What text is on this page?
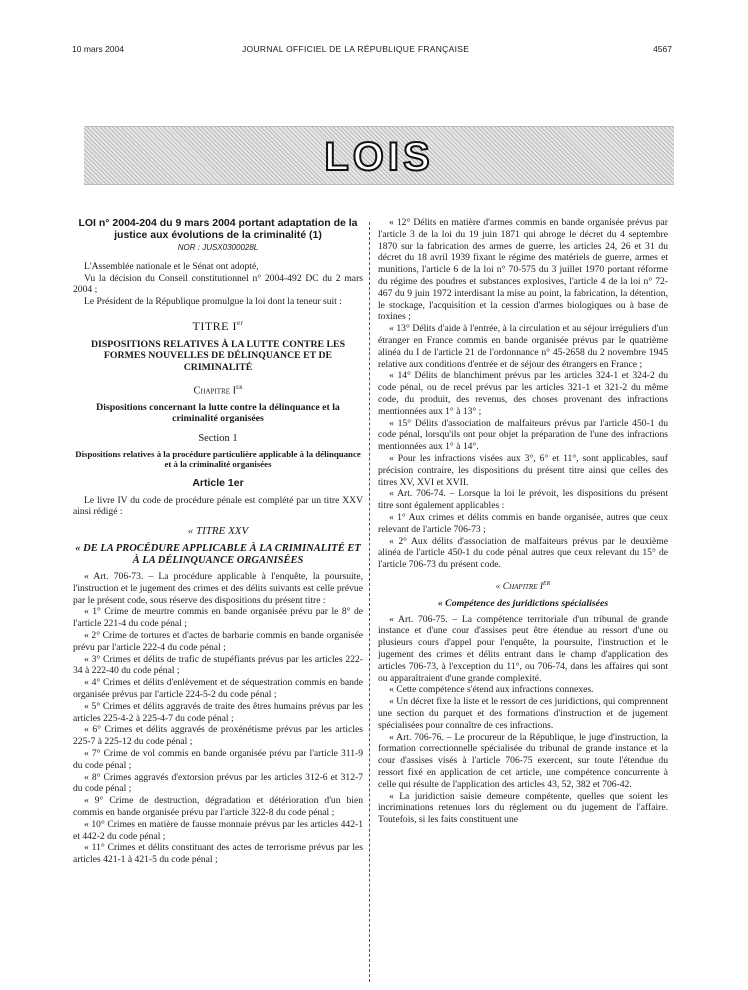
10 mars 2004	JOURNAL OFFICIEL DE LA RÉPUBLIQUE FRANÇAISE	4567
LOIS
LOI n° 2004-204 du 9 mars 2004 portant adaptation de la justice aux évolutions de la criminalité (1)
NOR : JUSX0300028L

L'Assemblée nationale et le Sénat ont adopté,

Vu la décision du Conseil constitutionnel n° 2004-492 DC du 2 mars 2004 ;

Le Président de la République promulgue la loi dont la teneur suit :

TITRE Ier
DISPOSITIONS RELATIVES À LA LUTTE CONTRE LES FORMES NOUVELLES DE DÉLINQUANCE ET DE CRIMINALITÉ
Chapitre Ier
Dispositions concernant la lutte contre la délinquance et la criminalité organisées
Section 1
Dispositions relatives à la procédure particulière applicable à la délinquance et à la criminalité organisées
Article 1er

Le livre IV du code de procédure pénale est complété par un titre XXV ainsi rédigé :

« TITRE XXV
« DE LA PROCÉDURE APPLICABLE À LA CRIMINALITÉ ET À LA DÉLINQUANCE ORGANISÉES

« Art. 706-73. – La procédure applicable à l'enquête, la poursuite, l'instruction et le jugement des crimes et des délits suivants est celle prévue par le présent code, sous réserve des dispositions du présent titre :

« 1° Crime de meurtre commis en bande organisée prévu par le 8° de l'article 221-4 du code pénal ;

« 2° Crime de tortures et d'actes de barbarie commis en bande organisée prévu par l'article 222-4 du code pénal ;

« 3° Crimes et délits de trafic de stupéfiants prévus par les articles 222-34 à 222-40 du code pénal ;

« 4° Crimes et délits d'enlèvement et de séquestration commis en bande organisée prévus par l'article 224-5-2 du code pénal ;

« 5° Crimes et délits aggravés de traite des êtres humains prévus par les articles 225-4-2 à 225-4-7 du code pénal ;

« 6° Crimes et délits aggravés de proxénétisme prévus par les articles 225-7 à 225-12 du code pénal ;

« 7° Crime de vol commis en bande organisée prévu par l'article 311-9 du code pénal ;

« 8° Crimes aggravés d'extorsion prévus par les articles 312-6 et 312-7 du code pénal ;

« 9° Crime de destruction, dégradation et détérioration d'un bien commis en bande organisée prévu par l'article 322-8 du code pénal ;

« 10° Crimes en matière de fausse monnaie prévus par les articles 442-1 et 442-2 du code pénal ;

« 11° Crimes et délits constituant des actes de terrorisme prévus par les articles 421-1 à 421-5 du code pénal ;

« 12° Délits en matière d'armes commis en bande organisée prévus par l'article 3 de la loi du 19 juin 1871 qui abroge le décret du 4 septembre 1870 sur la fabrication des armes de guerre, les articles 24, 26 et 31 du décret du 18 avril 1939 fixant le régime des matériels de guerre, armes et munitions, l'article 6 de la loi n° 70-575 du 3 juillet 1970 portant réforme du régime des poudres et substances explosives, l'article 4 de la loi n° 72-467 du 9 juin 1972 interdisant la mise au point, la fabrication, la détention, le stockage, l'acquisition et la cession d'armes biologiques ou à base de toxines ;

« 13° Délits d'aide à l'entrée, à la circulation et au séjour irréguliers d'un étranger en France commis en bande organisée prévus par le quatrième alinéa du I de l'article 21 de l'ordonnance n° 45-2658 du 2 novembre 1945 relative aux conditions d'entrée et de séjour des étrangers en France ;

« 14° Délits de blanchiment prévus par les articles 324-1 et 324-2 du code pénal, ou de recel prévus par les articles 321-1 et 321-2 du même code, du produit, des revenus, des choses provenant des infractions mentionnées aux 1° à 13° ;

« 15° Délits d'association de malfaiteurs prévus par l'article 450-1 du code pénal, lorsqu'ils ont pour objet la préparation de l'une des infractions mentionnées aux 1° à 14°.

« Pour les infractions visées aux 3°, 6° et 11°, sont applicables, sauf précision contraire, les dispositions du présent titre ainsi que celles des titres XV, XVI et XVII.

« Art. 706-74. – Lorsque la loi le prévoit, les dispositions du présent titre sont également applicables :

« 1° Aux crimes et délits commis en bande organisée, autres que ceux relevant de l'article 706-73 ;

« 2° Aux délits d'association de malfaiteurs prévus par le deuxième alinéa de l'article 450-1 du code pénal autres que ceux relevant du 15° de l'article 706-73 du présent code.

« Chapitre Ier
« Compétence des juridictions spécialisées

« Art. 706-75. – La compétence territoriale d'un tribunal de grande instance et d'une cour d'assises peut être étendue au ressort d'une ou plusieurs cours d'appel pour l'enquête, la poursuite, l'instruction et le jugement des crimes et délits entrant dans le champ d'application des articles 706-73, à l'exception du 11°, ou 706-74, dans les affaires qui sont ou apparaîtraient d'une grande complexité.

« Cette compétence s'étend aux infractions connexes.

« Un décret fixe la liste et le ressort de ces juridictions, qui comprennent une section du parquet et des formations d'instruction et de jugement spécialisées pour connaître de ces infractions.

« Art. 706-76. – Le procureur de la République, le juge d'instruction, la formation correctionnelle spécialisée du tribunal de grande instance et la cour d'assises visés à l'article 706-75 exercent, sur toute l'étendue du ressort fixé en application de cet article, une compétence concurrente à celle qui résulte de l'application des articles 43, 52, 382 et 706-42.

« La juridiction saisie demeure compétente, quelles que soient les incriminations retenues lors du règlement ou du jugement de l'affaire. Toutefois, si les faits constituent une
